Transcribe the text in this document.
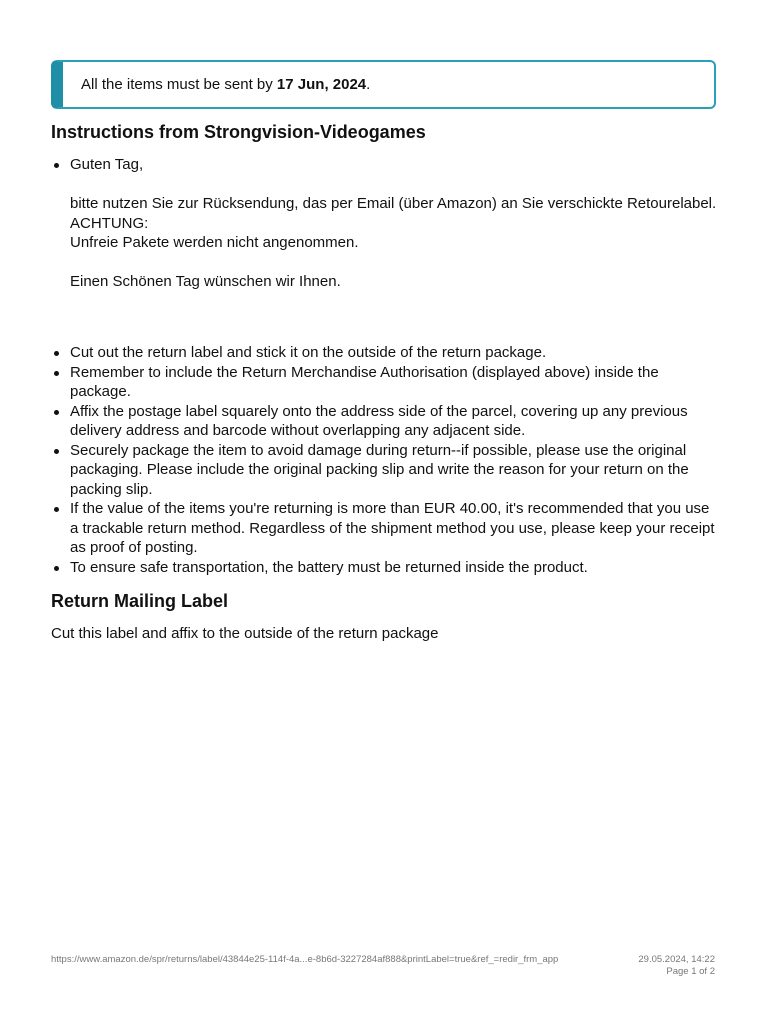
All the items must be sent by 17 Jun, 2024.
Instructions from Strongvision-Videogames
Guten Tag,
bitte nutzen Sie zur Rücksendung, das per Email (über Amazon) an Sie verschickte Retourelabel.
ACHTUNG:
Unfreie Pakete werden nicht angenommen.
Einen Schönen Tag wünschen wir Ihnen.
Cut out the return label and stick it on the outside of the return package.
Remember to include the Return Merchandise Authorisation (displayed above) inside the package.
Affix the postage label squarely onto the address side of the parcel, covering up any previous delivery address and barcode without overlapping any adjacent side.
Securely package the item to avoid damage during return--if possible, please use the original packaging. Please include the original packing slip and write the reason for your return on the packing slip.
If the value of the items you're returning is more than EUR 40.00, it's recommended that you use a trackable return method. Regardless of the shipment method you use, please keep your receipt as proof of posting.
To ensure safe transportation, the battery must be returned inside the product.
Return Mailing Label

Cut this label and affix to the outside of the return package

https://www.amazon.de/spr/returns/label/43844e25-114f-4a...e-8b6d-3227284af888&printLabel=true&ref_=redir_frm_app	29.05.2024, 14:22
Page 1 of 2
